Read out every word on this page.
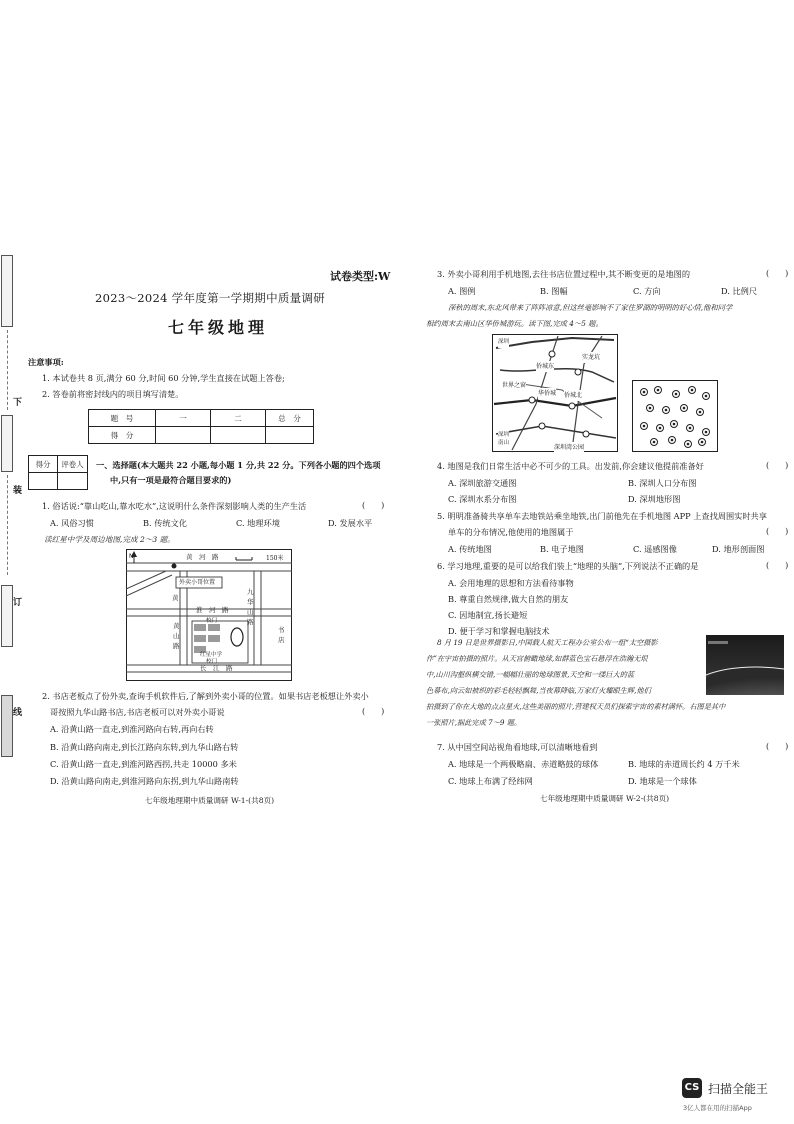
下
装
订
线
试卷类型:W
2023～2024 学年度第一学期期中质量调研
七年级地理
注意事项:
1. 本试卷共 8 页,满分 60 分,时间 60 分钟,学生直接在试题上答卷;
2. 答卷前将密封线内的项目填写清楚。
题　号	一	二	总　分
得　分			
得分	评卷人
	一、选择题(本大题共 22 小题,每小题 1 分,共 22 分。下列各小题的四个选项
中,只有一项是最符合题目要求的)
1. 俗话说:“靠山吃山,靠水吃水”,这说明什么条件深刻影响人类的生产生活	(　　)
A. 风俗习惯	B. 传统文化	C. 地理环境	D. 发展水平
读红星中学及周边地图,完成 2～3 题。
N	黄　河　路	150米
外卖小哥位置
淮　河　路
校门
红星中学
校门
黄山路
九华山路
书店
长　江　路
黄
2. 书店老板点了份外卖,查询手机软件后,了解到外卖小哥的位置。如果书店老板想让外卖小
哥按照九华山路书店,书店老板可以对外卖小哥说	(　　)
A. 沿黄山路一直走,到淮河路向右转,再向右转
B. 沿黄山路向南走,到长江路向东转,到九华山路右转
C. 沿黄山路一直走,到淮河路西拐,共走 10000 多米
D. 沿黄山路向南走,到淮河路向东拐,到九华山路南转
七年级地理期中质量调研 W-1-(共8页)
3. 外卖小哥利用手机地图,去往书店位置过程中,其不断变更的是地图的	(　　)
A. 图例	B. 图幅	C. 方向	D. 比例尺
深秋的周末,东北风带来了阵阵凉意,但这丝毫影响不了家住罗湖的明明的好心情,他和同学
相约周末去南山区华侨城游玩。读下图,完成 4～5 题。
深圳
实龙坑
侨城东
世界之窗
华侨城 侨城北
深圳湾公园
深圳
南山
4. 地图是我们日常生活中必不可少的工具。出发前,你会建议他提前准备好	(　　)
A. 深圳旅游交通图	B. 深圳人口分布图
C. 深圳水系分布图	D. 深圳地形图
5. 明明准备骑共享单车去地铁站乘坐地铁,出门前他先在手机地图 APP 上查找周围实时共享
单车的分布情况,他使用的地图属于	(　　)
A. 传统地图	B. 电子地图	C. 遥感图像	D. 地形剖面图
6. 学习地理,重要的是可以给我们装上“地理的头脑”,下列说法不正确的是	(　　)
A. 会用地理的思想和方法看待事物
B. 尊重自然规律,做大自然的朋友
C. 因地制宜,扬长避短
D. 便于学习和掌握电脑技术
8 月 19 日是世界摄影日,中国载人航天工程办公室公布一组“太空摄影
作”在宇宙拍摄的照片。从天宫俯瞰地球,如群蓝色宝石悬浮在浩瀚无垠
中,山川沟壑纵横交错,一幅幅壮丽的地球图景,天空和一缕巨大的蓝
色幕布,向云如被织的彩毛轻轻飘舞,当夜幕降临,万家灯火耀眼生辉,他们
拍摄到了你在大地的点点星火,这些美丽的照片,营建权天员们探索宇宙的素材满怀。右图是其中
一张照片,据此完成 7～9 题。
7. 从中国空间站视角看地球,可以清晰地看到	(　　)
A. 地球是一个两极略扁、赤道略鼓的球体	B. 地球的赤道周长约 4 万千米
C. 地球上布满了经纬网	D. 地球是一个球体
七年级地理期中质量调研 W-2-(共8页)
CS 扫描全能王
3亿人都在用的扫描App
